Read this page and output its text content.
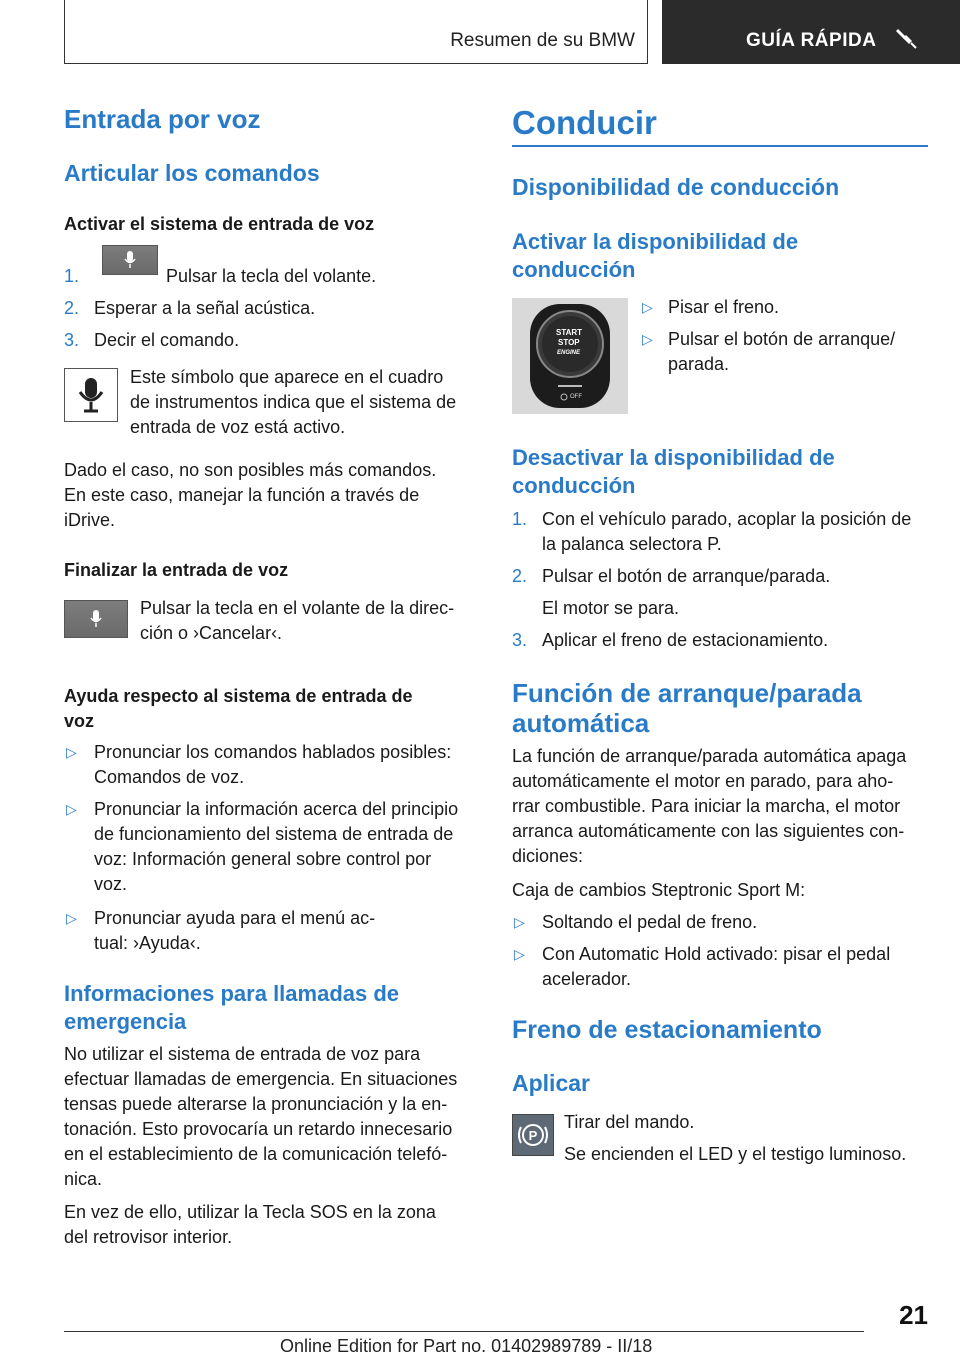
Resumen de su BMW	GUÍA RÁPIDA
Entrada por voz
Articular los comandos
Activar el sistema de entrada de voz
1.	Pulsar la tecla del volante.
2. Esperar a la señal acústica.
3. Decir el comando.
Este símbolo que aparece en el cuadro
de instrumentos indica que el sistema de
entrada de voz está activo.
Dado el caso, no son posibles más comandos.
En este caso, manejar la función a través de
iDrive.
Finalizar la entrada de voz
Pulsar la tecla en el volante de la direc‐
ción o ›Cancelar‹.
Ayuda respecto al sistema de entrada de
voz
▷ Pronunciar los comandos hablados posibles:
Comandos de voz.
▷ Pronunciar la información acerca del principio
de funcionamiento del sistema de entrada de
voz: Información general sobre control por
voz.
▷ Pronunciar ayuda para el menú ac‐
tual: ›Ayuda‹.
Informaciones para llamadas de
emergencia
No utilizar el sistema de entrada de voz para
efectuar llamadas de emergencia. En situaciones
tensas puede alterarse la pronunciación y la en‐
tonación. Esto provocaría un retardo innecesario
en el establecimiento de la comunicación telefó‐
nica.
En vez de ello, utilizar la Tecla SOS en la zona
del retrovisor interior.
Conducir
Disponibilidad de conducción
Activar la disponibilidad de
conducción
START
STOP
ENGINE
OFF
▷ Pisar el freno.
▷ Pulsar el botón de arranque/
parada.
Desactivar la disponibilidad de
conducción
1. Con el vehículo parado, acoplar la posición de
la palanca selectora P.
2. Pulsar el botón de arranque/parada.
El motor se para.
3. Aplicar el freno de estacionamiento.
Función de arranque/parada
automática
La función de arranque/parada automática apaga
automáticamente el motor en parado, para aho‐
rrar combustible. Para iniciar la marcha, el motor
arranca automáticamente con las siguientes con‐
diciones:
Caja de cambios Steptronic Sport M:
▷ Soltando el pedal de freno.
▷ Con Automatic Hold activado: pisar el pedal
acelerador.
Freno de estacionamiento
Aplicar
P
Tirar del mando.
Se encienden el LED y el testigo luminoso.
21
Online Edition for Part no. 01402989789 - II/18
